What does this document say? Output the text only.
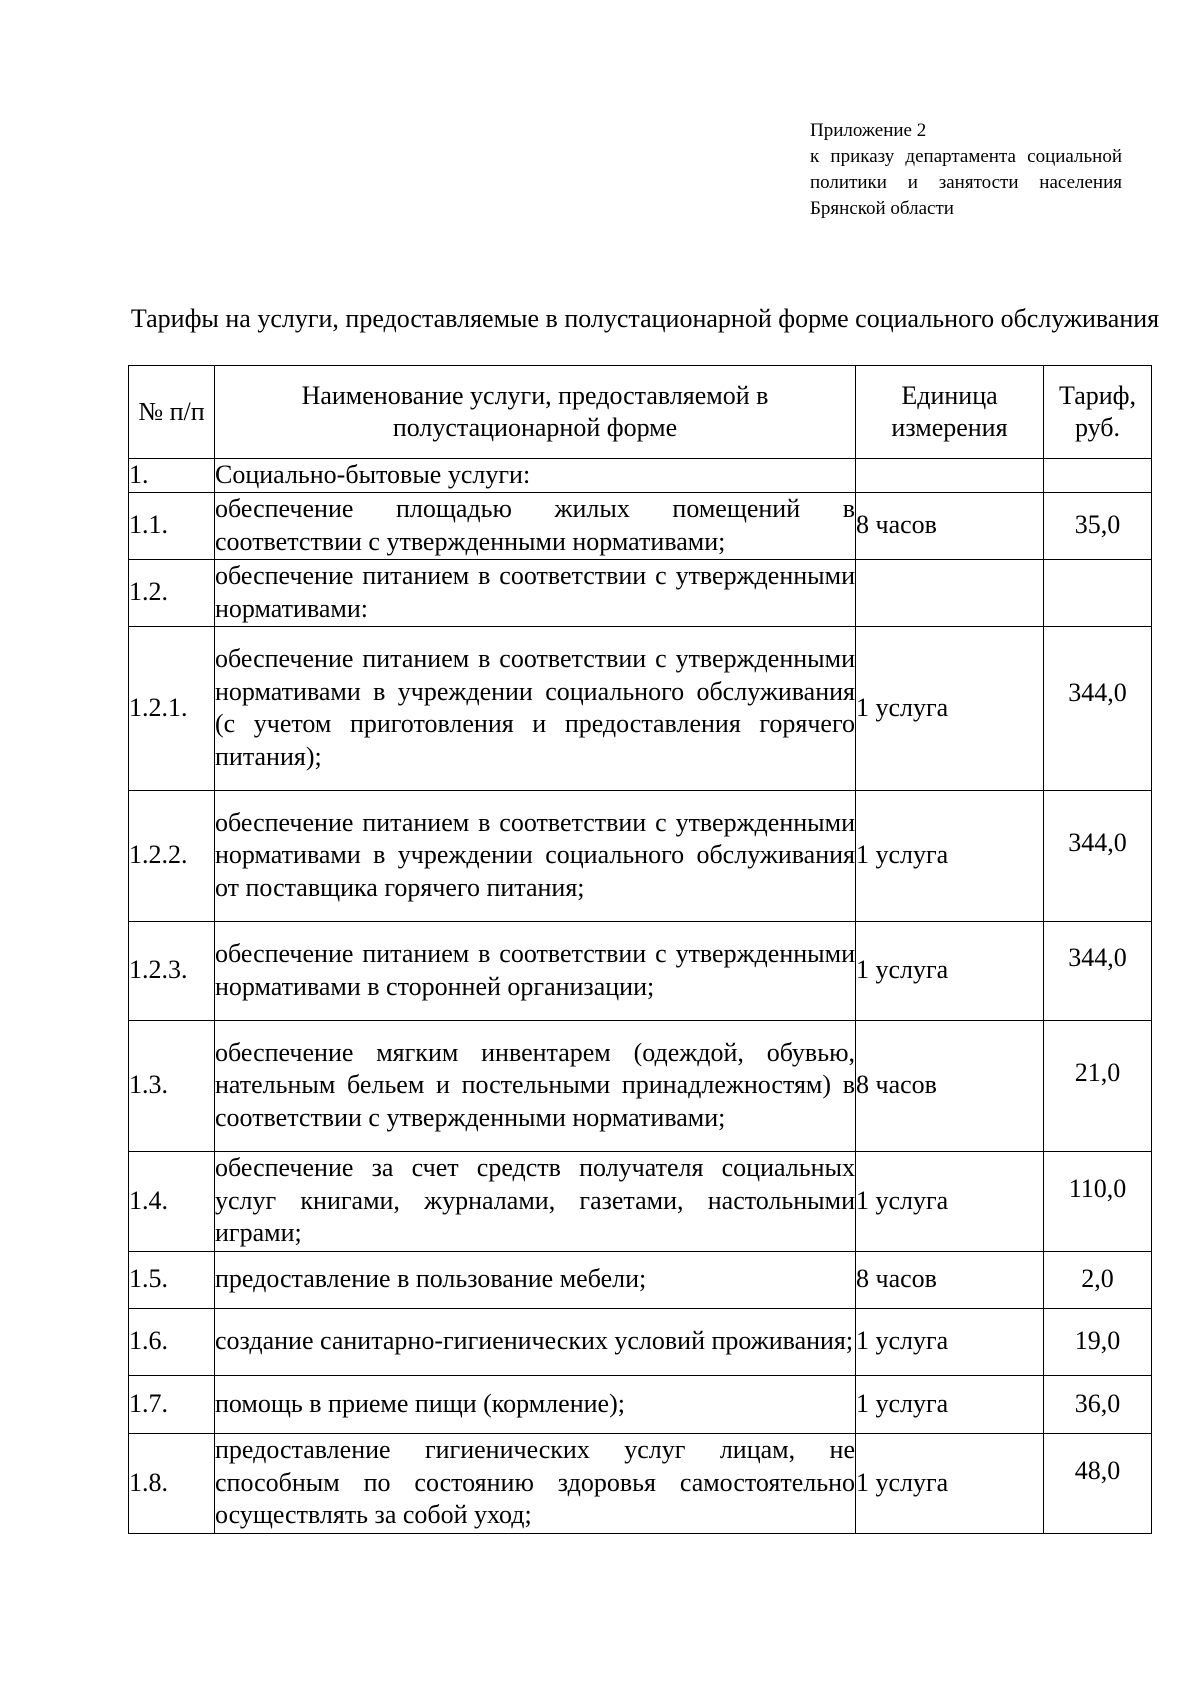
Приложение 2
к приказу департамента социальной политики и занятости населения Брянской области
Тарифы на услуги, предоставляемые в полустационарной форме социального обслуживания
№ п/п	Наименование услуги, предоставляемой в полустационарной форме	Единица измерения	Тариф, руб.
1.	Социально-бытовые услуги:		
1.1.	обеспечение площадью жилых помещений в соответствии с утвержденными нормативами;	8 часов	35,0
1.2.	обеспечение питанием в соответствии с утвержденными нормативами:		
1.2.1.	обеспечение питанием в соответствии с утвержденными нормативами в учреждении социального обслуживания (с учетом приготовления и предоставления горячего питания);	1 услуга	344,0
1.2.2.	обеспечение питанием в соответствии с утвержденными нормативами в учреждении социального обслуживания от поставщика горячего питания;	1 услуга	344,0
1.2.3.	обеспечение питанием в соответствии с утвержденными нормативами в сторонней организации;	1 услуга	344,0
1.3.	обеспечение мягким инвентарем (одеждой, обувью, нательным бельем и постельными принадлежностям) в соответствии с утвержденными нормативами;	8 часов	21,0
1.4.	обеспечение за счет средств получателя социальных услуг книгами, журналами, газетами, настольными играми;	1 услуга	110,0
1.5.	предоставление в пользование мебели;	8 часов	2,0
1.6.	создание санитарно-гигиенических условий проживания;	1 услуга	19,0
1.7.	помощь в приеме пищи (кормление);	1 услуга	36,0
1.8.	предоставление гигиенических услуг лицам, не способным по состоянию здоровья самостоятельно осуществлять за собой уход;	1 услуга	48,0
